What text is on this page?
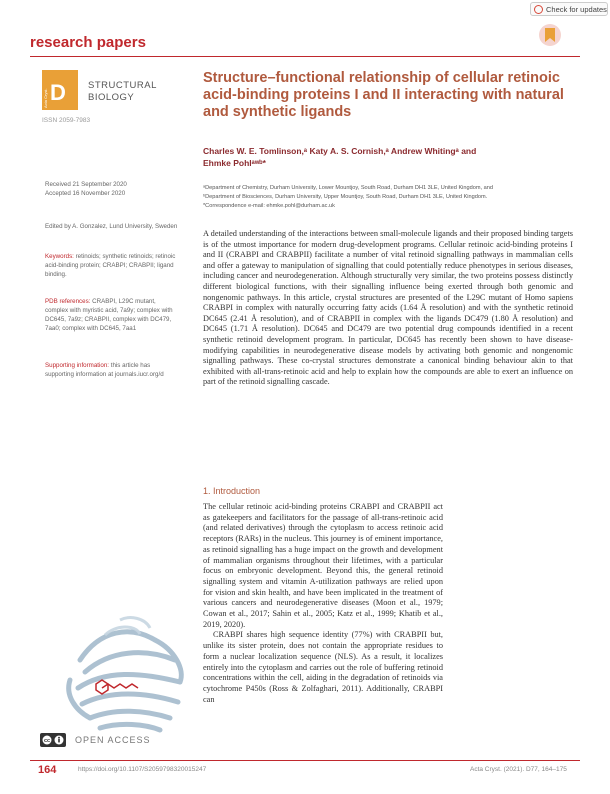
Check for updates
research papers
Acta Cryst. D STRUCTURAL
BIOLOGY
ISSN 2059-7983
Structure–functional relationship of cellular retinoic acid-binding proteins I and II interacting with natural and synthetic ligands
Charles W. E. Tomlinson,ᵃ Katy A. S. Cornish,ᵃ Andrew Whitingᵃ and
Ehmke Pohlᵃʷᵇ*
ᵃDepartment of Chemistry, Durham University, Lower Mountjoy, South Road, Durham DH1 3LE, United Kingdom, and
ᵇDepartment of Biosciences, Durham University, Upper Mountjoy, South Road, Durham DH1 3LE, United Kingdom.
*Correspondence e-mail: ehmke.pohl@durham.ac.uk
Received 21 September 2020
Accepted 16 November 2020
Edited by A. Gonzalez, Lund University, Sweden
Keywords: retinoids; synthetic retinoids; retinoic acid-binding protein; CRABPI; CRABPII; ligand binding.
PDB references: CRABPI, L29C mutant, complex with myristic acid, 7a9y; complex with DC645, 7a9z; CRABPII, complex with DC479, 7aa0; complex with DC645, 7aa1
Supporting information: this article has supporting information at journals.iucr.org/d
A detailed understanding of the interactions between small-molecule ligands and their proposed binding targets is of the utmost importance for modern drug-development programs. Cellular retinoic acid-binding proteins I and II (CRABPI and CRABPII) facilitate a number of vital retinoid signalling pathways in mammalian cells and offer a gateway to manipulation of signalling that could potentially reduce phenotypes in serious diseases, including cancer and neurodegeneration. Although structurally very similar, the two proteins possess distinctly different biological functions, with their signalling influence being exerted through both genomic and nongenomic pathways. In this article, crystal structures are presented of the L29C mutant of Homo sapiens CRABPI in complex with naturally occurring fatty acids (1.64 Å resolution) and with the synthetic retinoid DC645 (2.41 Å resolution), and of CRABPII in complex with the ligands DC479 (1.80 Å resolution) and DC645 (1.71 Å resolution). DC645 and DC479 are two potential drug compounds identified in a recent synthetic retinoid development program. In particular, DC645 has recently been shown to have disease-modifying capabilities in neurodegenerative disease models by activating both genomic and nongenomic signalling pathways. These co-crystal structures demonstrate a canonical binding behaviour akin to that exhibited with all-trans-retinoic acid and help to explain how the compounds are able to exert an influence on part of the retinoid signalling cascade.
1. Introduction

The cellular retinoic acid-binding proteins CRABPI and CRABPII act as gatekeepers and facilitators for the passage of all-trans-retinoic acid (and related derivatives) through the cytoplasm to access retinoic acid receptors (RARs) in the nucleus. This journey is of eminent importance, as retinoid signalling has a huge impact on the growth and development of mammalian organisms throughout their lifetimes, with a particular focus on embryonic development. Beyond this, the general retinoid signalling system and vitamin A-utilization pathways are relied upon for vision and skin health, and have been implicated in the treatment of various cancers and neurodegenerative diseases (Moon et al., 1979; Cowan et al., 2017; Sahin et al., 2005; Katz et al., 1999; Khatib et al., 2019, 2020).

CRABPI shares high sequence identity (77%) with CRABPII but, unlike its sister protein, does not contain the appropriate residues to form a nuclear localization sequence (NLS). As a result, it localizes entirely into the cytoplasm and carries out the role of buffering retinoid concentrations within the cell, aiding in the degradation of retinoids via cytochrome P450s (Ross & Zolfaghari, 2011). Additionally, CRABPI can

cc	OPEN ACCESS
164	https://doi.org/10.1107/S2059798320015247	Acta Cryst. (2021). D77, 164–175
